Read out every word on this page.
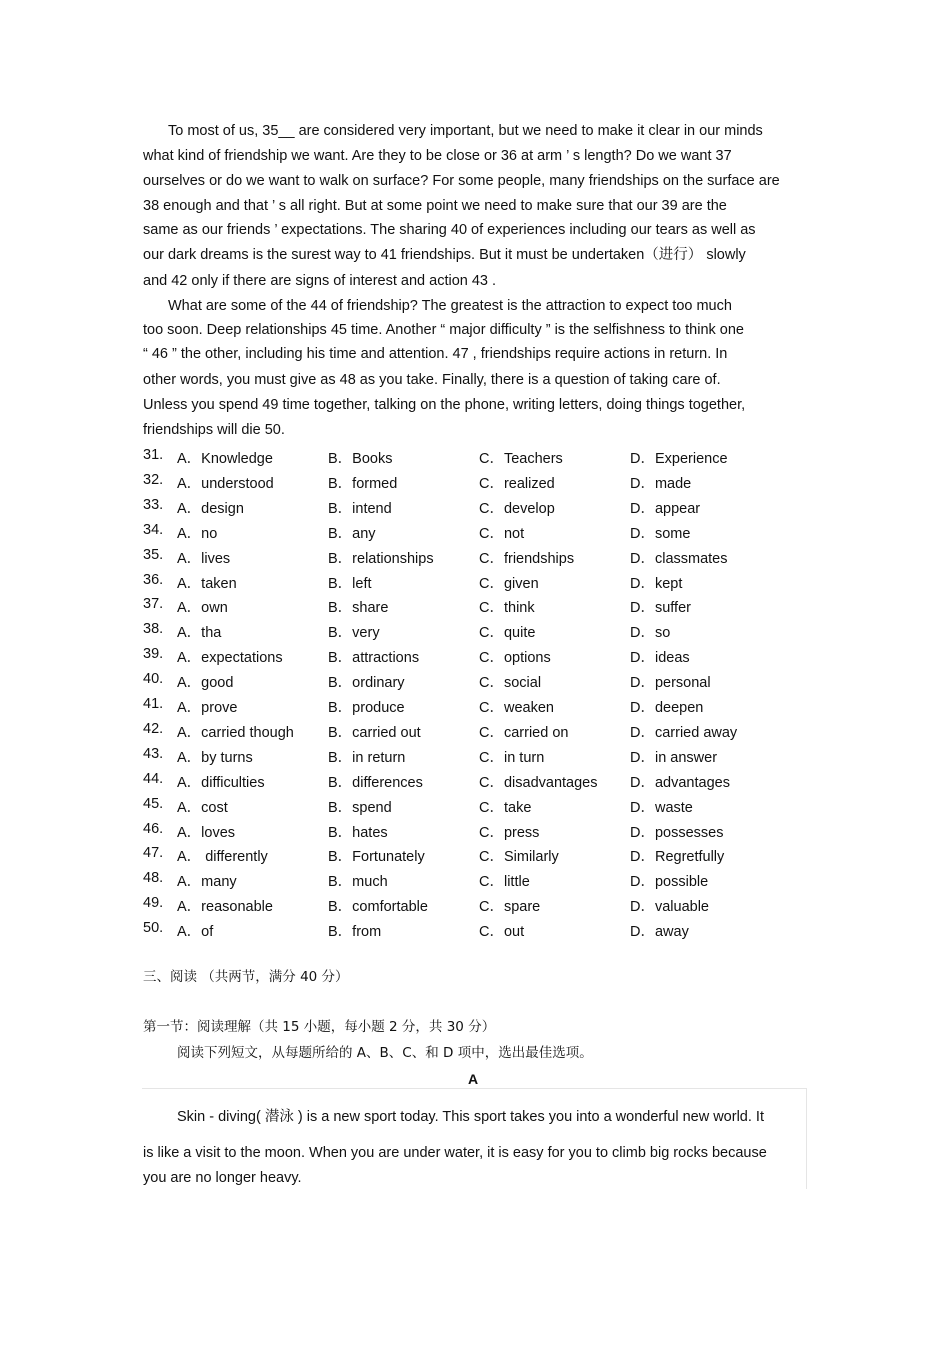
To most of us, 35__ are considered very important, but we need to make it clear in our minds
what kind of friendship we want. Are they to be close or 36 at arm ’ s length? Do we want 37
ourselves or do we want to walk on surface? For some people, many friendships on the surface are
38 enough and that ’ s all right. But at some point we need to make sure that our 39 are the
same as our friends ’ expectations. The sharing 40 of experiences including our tears as well as
our dark dreams is the surest way to 41 friendships. But it must be undertaken（进行） slowly
and 42 only if there are signs of interest and action 43 .
What are some of the 44 of friendship? The greatest is the attraction to expect too much
too soon. Deep relationships 45 time. Another “ major difficulty ” is the selfishness to think one
“ 46 ” the other, including his time and attention. 47 , friendships require actions in return. In
other words, you must give as 48 as you take. Finally, there is a question of taking care of.
Unless you spend 49 time together, talking on the phone, writing letters, doing things together,
friendships will die 50.
31. A．Knowledge	B．Books	C．Teachers	D．Experience
32. A．understood	B．formed	C．realized	D．made
33. A．design	B．intend	C．develop	D．appear
34. A．no	B．any	C．not	D．some
35. A．lives	B．relationships	C．friendships	D．classmates
36. A．taken	B．left	C．given	D．kept
37. A．own	B．share	C．think	D．suffer
38. A．tha	B．very	C．quite	D．so
39. A．expectations	B．attractions	C．options	D．ideas
40. A．good	B．ordinary	C．social	D．personal
41. A．prove	B．produce	C．weaken	D．deepen
42. A．carried though B．carried out	C．carried on	D．carried away
43. A．by turns	B．in return	C．in turn	D．in answer
44. A．difficulties	B．differences	C．disadvantages D．advantages
45. A．cost	B．spend	C．take	D．waste
46. A．loves	B．hates	C．press	D．possesses
47. A． differently	B．Fortunately	C．Similarly	D．Regretfully
48. A．many	B．much	C．little	D．possible
49. A．reasonable	B．comfortable	C．spare	D．valuable
50. A．of	B．from	C．out	D．away
三、阅读 （共两节，满分 40 分）
第一节：阅读理解（共 15 小题，每小题 2 分，共 30 分）
阅读下列短文，从每题所给的 A、B、C、和 D 项中，选出最佳选项。
A
Skin - diving( 潜泳 ) is a new sport today. This sport takes you into a wonderful new world. It
is like a visit to the moon. When you are under water, it is easy for you to climb big rocks because
you are no longer heavy.
